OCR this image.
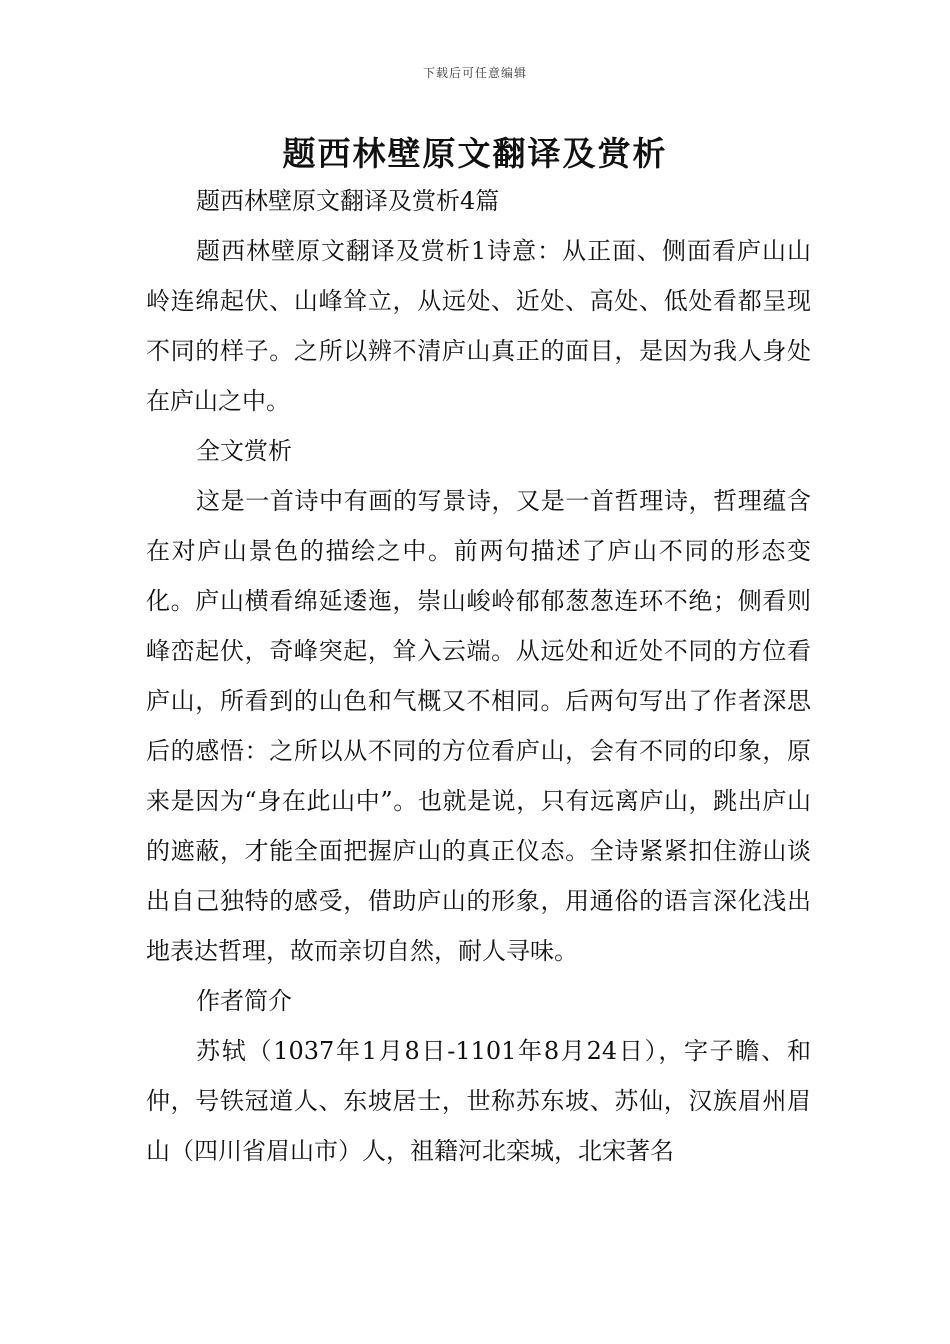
下载后可任意编辑
题西林壁原文翻译及赏析

题西林壁原文翻译及赏析4篇

题西林壁原文翻译及赏析1诗意：从正面、侧面看庐山山岭连绵起伏、山峰耸立，从远处、近处、高处、低处看都呈现不同的样子。之所以辨不清庐山真正的面目，是因为我人身处在庐山之中。

全文赏析

这是一首诗中有画的写景诗，又是一首哲理诗，哲理蕴含在对庐山景色的描绘之中。前两句描述了庐山不同的形态变化。庐山横看绵延逶迤，崇山峻岭郁郁葱葱连环不绝；侧看则峰峦起伏，奇峰突起，耸入云端。从远处和近处不同的方位看庐山，所看到的山色和气概又不相同。后两句写出了作者深思后的感悟：之所以从不同的方位看庐山，会有不同的印象，原来是因为“身在此山中”。也就是说，只有远离庐山，跳出庐山的遮蔽，才能全面把握庐山的真正仪态。全诗紧紧扣住游山谈出自己独特的感受，借助庐山的形象，用通俗的语言深化浅出地表达哲理，故而亲切自然，耐人寻味。

作者简介

苏轼（1037年1月8日-1101年8月24日），字子瞻、和仲，号铁冠道人、东坡居士，世称苏东坡、苏仙，汉族眉州眉山（四川省眉山市）人，祖籍河北栾城，北宋著名
